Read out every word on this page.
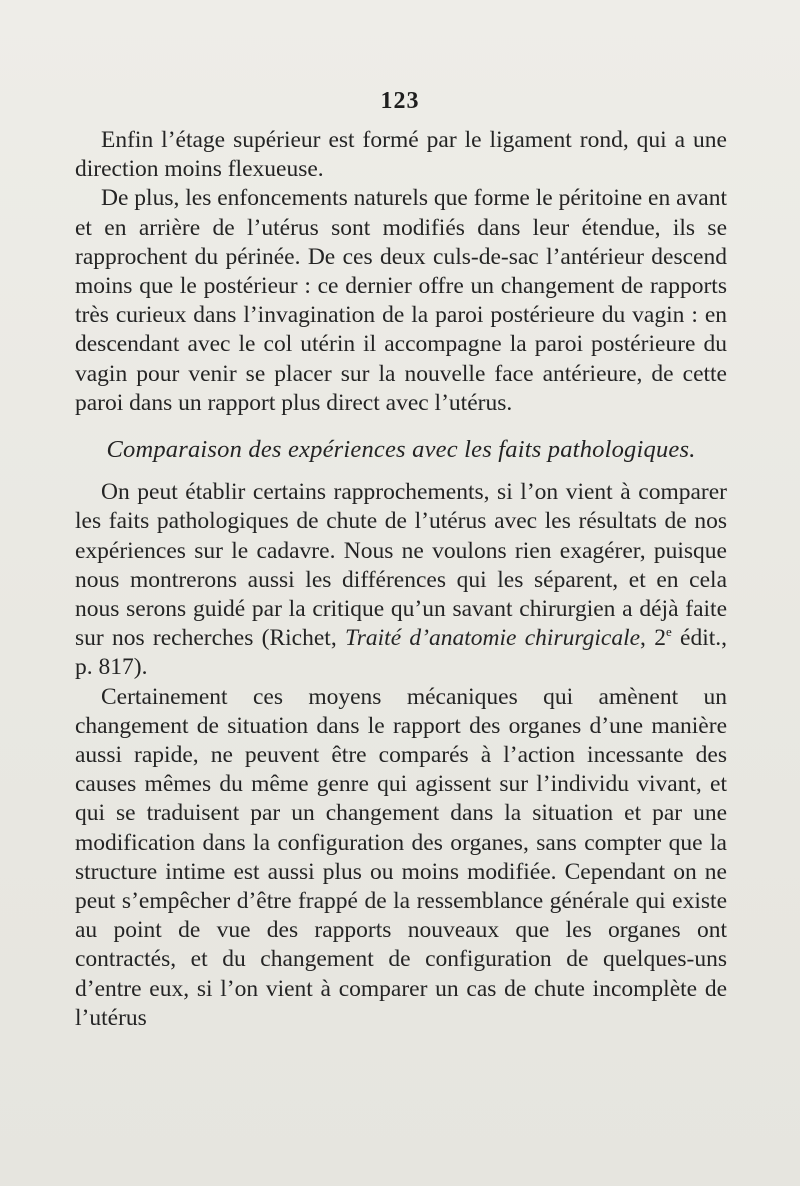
123

Enfin l’étage supérieur est formé par le ligament rond, qui a une direction moins flexueuse.

De plus, les enfoncements naturels que forme le péritoine en avant et en arrière de l’utérus sont modifiés dans leur étendue, ils se rapprochent du périnée. De ces deux culs-de-sac l’antérieur descend moins que le postérieur : ce dernier offre un changement de rapports très curieux dans l’invagination de la paroi postérieure du vagin : en descendant avec le col utérin il accompagne la paroi postérieure du vagin pour venir se placer sur la nouvelle face antérieure, de cette paroi dans un rapport plus direct avec l’utérus.

Comparaison des expériences avec les faits pathologiques.

On peut établir certains rapprochements, si l’on vient à comparer les faits pathologiques de chute de l’utérus avec les résultats de nos expériences sur le cadavre. Nous ne voulons rien exagérer, puisque nous montrerons aussi les différences qui les séparent, et en cela nous serons guidé par la critique qu’un savant chirurgien a déjà faite sur nos recherches (Richet, Traité d’anatomie chirurgicale, 2e édit., p. 817).

Certainement ces moyens mécaniques qui amènent un changement de situation dans le rapport des organes d’une manière aussi rapide, ne peuvent être comparés à l’action incessante des causes mêmes du même genre qui agissent sur l’individu vivant, et qui se traduisent par un changement dans la situation et par une modification dans la configuration des organes, sans compter que la structure intime est aussi plus ou moins modifiée. Cependant on ne peut s’empêcher d’être frappé de la ressemblance générale qui existe au point de vue des rapports nouveaux que les organes ont contractés, et du changement de configuration de quelques-uns d’entre eux, si l’on vient à comparer un cas de chute incomplète de l’utérus
